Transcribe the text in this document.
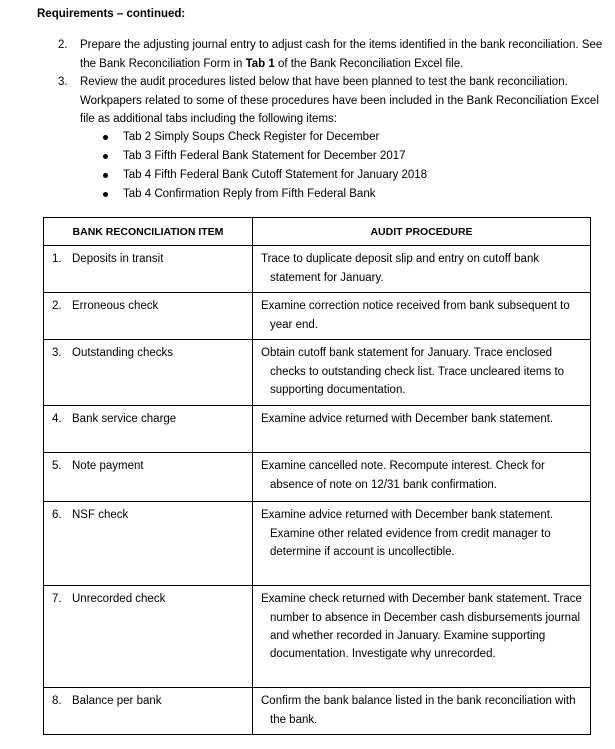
Requirements – continued:
2. Prepare the adjusting journal entry to adjust cash for the items identified in the bank reconciliation. See the Bank Reconciliation Form in Tab 1 of the Bank Reconciliation Excel file.
3. Review the audit procedures listed below that have been planned to test the bank reconciliation. Workpapers related to some of these procedures have been included in the Bank Reconciliation Excel file as additional tabs including the following items:
Tab 2 Simply Soups Check Register for December
Tab 3 Fifth Federal Bank Statement for December 2017
Tab 4 Fifth Federal Bank Cutoff Statement for January 2018
Tab 4 Confirmation Reply from Fifth Federal Bank
BANK RECONCILIATION ITEM	AUDIT PROCEDURE
1. Deposits in transit	Trace to duplicate deposit slip and entry on cutoff bank statement for January.

2. Erroneous check	Examine correction notice received from bank subsequent to year end.

3. Outstanding checks	Obtain cutoff bank statement for January. Trace enclosed checks to outstanding check list. Trace uncleared items to supporting documentation.

4. Bank service charge	Examine advice returned with December bank statement.

5. Note payment	Examine cancelled note. Recompute interest. Check for absence of note on 12/31 bank confirmation.

6. NSF check	Examine advice returned with December bank statement. Examine other related evidence from credit manager to determine if account is uncollectible.

7. Unrecorded check	Examine check returned with December bank statement. Trace number to absence in December cash disbursements journal and whether recorded in January. Examine supporting documentation. Investigate why unrecorded.

8. Balance per bank	Confirm the bank balance listed in the bank reconciliation with the bank.
